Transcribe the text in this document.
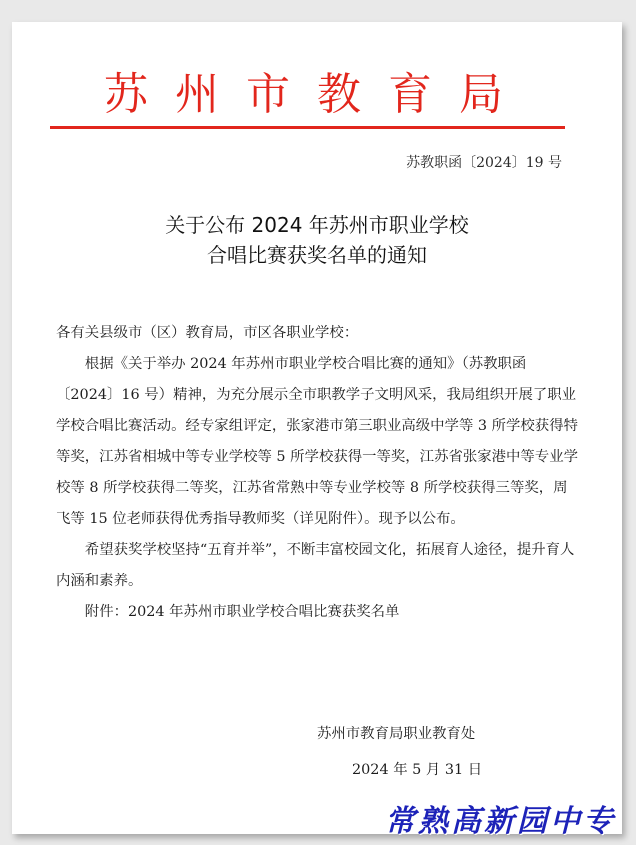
苏州市教育局
苏教职函〔2024〕19 号
关于公布 2024 年苏州市职业学校
合唱比赛获奖名单的通知

各有关县级市（区）教育局，市区各职业学校：

根据《关于举办 2024 年苏州市职业学校合唱比赛的通知》（苏教职函〔2024〕16 号）精神，为充分展示全市职教学子文明风采，我局组织开展了职业学校合唱比赛活动。经专家组评定，张家港市第三职业高级中学等 3 所学校获得特等奖，江苏省相城中等专业学校等 5 所学校获得一等奖，江苏省张家港中等专业学校等 8 所学校获得二等奖，江苏省常熟中等专业学校等 8 所学校获得三等奖，周飞等 15 位老师获得优秀指导教师奖（详见附件）。现予以公布。

希望获奖学校坚持“五育并举”，不断丰富校园文化，拓展育人途径，提升育人内涵和素养。

附件：2024 年苏州市职业学校合唱比赛获奖名单

苏州市教育局职业教育处
2024 年 5 月 31 日
常熟高新园中专
